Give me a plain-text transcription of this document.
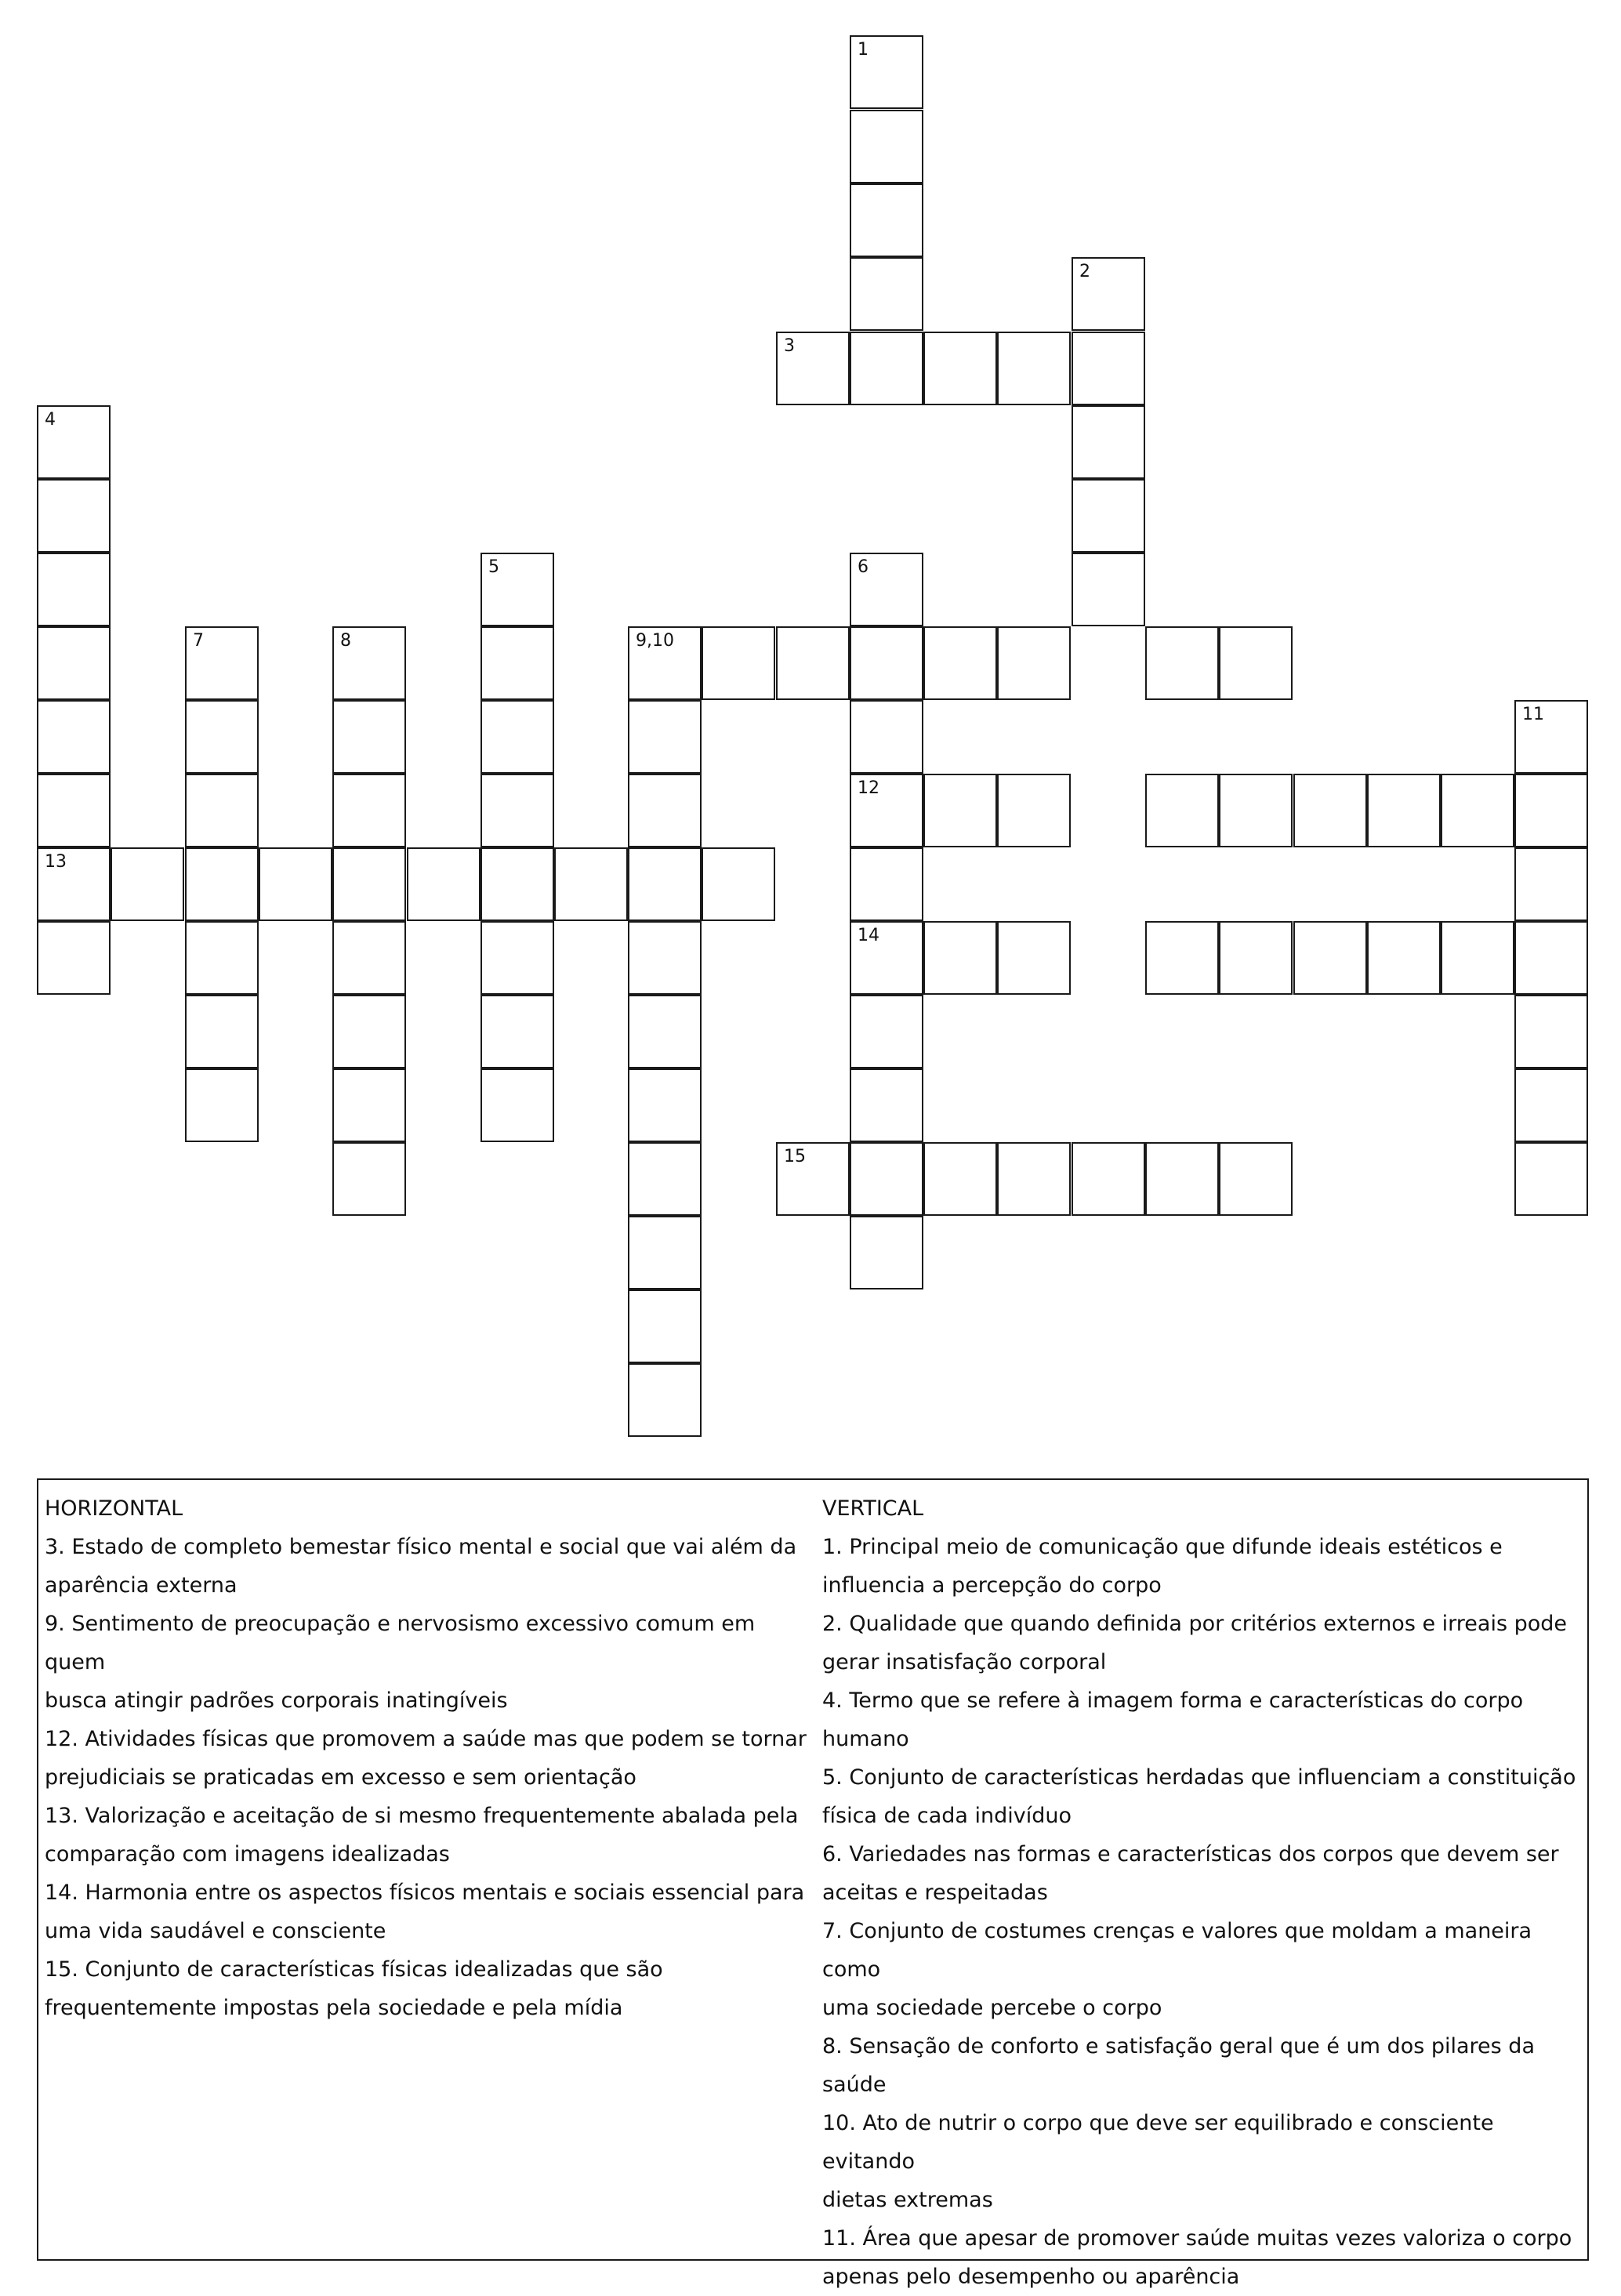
1
3
2
4
13
5	6
12
14
7	8	9,10
11
15

HORIZONTAL

3. Estado de completo bemestar físico mental e social que vai além da

aparência externa

9. Sentimento de preocupação e nervosismo excessivo comum em quem

busca atingir padrões corporais inatingíveis

12. Atividades físicas que promovem a saúde mas que podem se tornar

prejudiciais se praticadas em excesso e sem orientação

13. Valorização e aceitação de si mesmo frequentemente abalada pela

comparação com imagens idealizadas

14. Harmonia entre os aspectos físicos mentais e sociais essencial para

uma vida saudável e consciente

15. Conjunto de características físicas idealizadas que são

frequentemente impostas pela sociedade e pela mídia

VERTICAL

1. Principal meio de comunicação que difunde ideais estéticos e

influencia a percepção do corpo

2. Qualidade que quando definida por critérios externos e irreais pode

gerar insatisfação corporal

4. Termo que se refere à imagem forma e características do corpo

humano

5. Conjunto de características herdadas que influenciam a constituição

física de cada indivíduo

6. Variedades nas formas e características dos corpos que devem ser

aceitas e respeitadas

7. Conjunto de costumes crenças e valores que moldam a maneira como

uma sociedade percebe o corpo

8. Sensação de conforto e satisfação geral que é um dos pilares da

saúde

10. Ato de nutrir o corpo que deve ser equilibrado e consciente evitando

dietas extremas

11. Área que apesar de promover saúde muitas vezes valoriza o corpo

apenas pelo desempenho ou aparência
